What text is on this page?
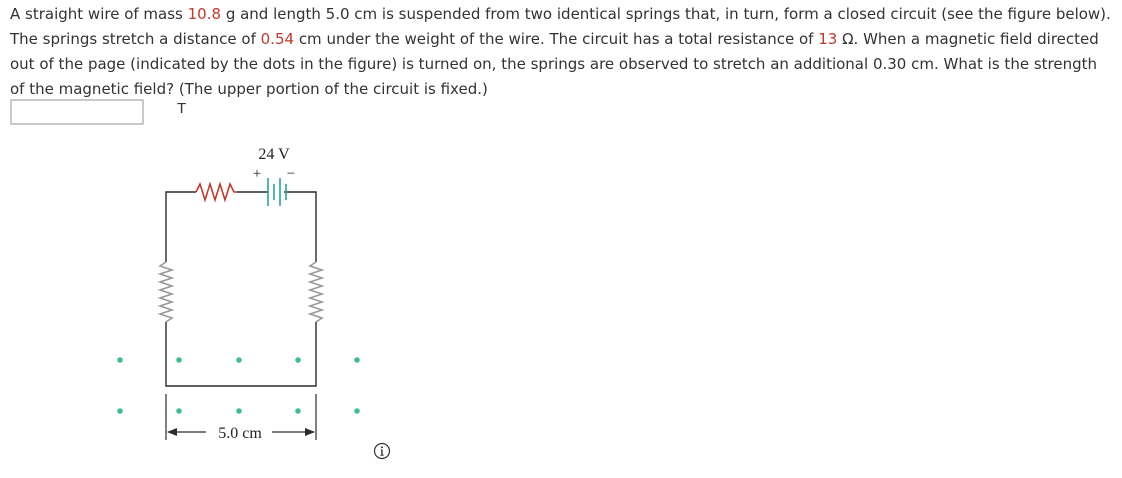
A straight wire of mass 10.8 g and length 5.0 cm is suspended from two identical springs that, in turn, form a closed circuit (see the figure below). The springs stretch a distance of 0.54 cm under the weight of the wire. The circuit has a total resistance of 13 Ω. When a magnetic field directed out of the page (indicated by the dots in the figure) is turned on, the springs are observed to stretch an additional 0.30 cm. What is the strength of the magnetic field? (The upper portion of the circuit is fixed.)
T
24 V
+ −
5.0 cm
